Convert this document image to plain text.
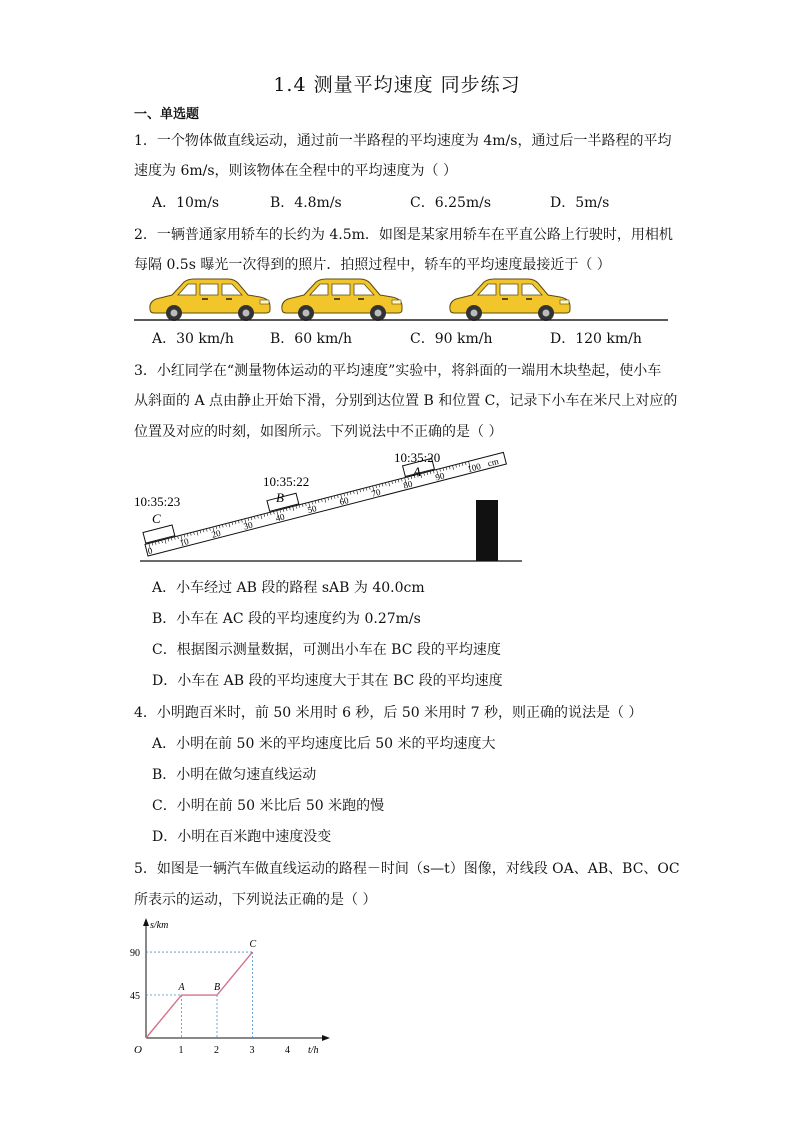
1.4 测量平均速度 同步练习
一、单选题
1．一个物体做直线运动，通过前一半路程的平均速度为 4m/s，通过后一半路程的平均
速度为 6m/s，则该物体在全程中的平均速度为（ ）
A．10m/s	B．4.8m/s	C．6.25m/s	D．5m/s
2．一辆普通家用轿车的长约为 4.5m．如图是某家用轿车在平直公路上行驶时，用相机
每隔 0.5s 曝光一次得到的照片．拍照过程中，轿车的平均速度最接近于（ ）
A．30 km/h	B．60 km/h	C．90 km/h	D．120 km/h
3．小红同学在“测量物体运动的平均速度”实验中，将斜面的一端用木块垫起，使小车
从斜面的 A 点由静止开始下滑，分别到达位置 B 和位置 C，记录下小车在米尺上对应的
位置及对应的时刻，如图所示。下列说法中不正确的是（ ）
0
10
20
30
40
50
60
70
80
90
100 cm
10:35:23
C
10:35:22
B
10:35:20
A
A．小车经过 AB 段的路程 sAB 为 40.0cm
B．小车在 AC 段的平均速度约为 0.27m/s
C．根据图示测量数据，可测出小车在 BC 段的平均速度
D．小车在 AB 段的平均速度大于其在 BC 段的平均速度
4．小明跑百米时，前 50 米用时 6 秒，后 50 米用时 7 秒，则正确的说法是（ ）
A．小明在前 50 米的平均速度比后 50 米的平均速度大
B．小明在做匀速直线运动
C．小明在前 50 米比后 50 米跑的慢
D．小明在百米跑中速度没变
5．如图是一辆汽车做直线运动的路程－时间（s—t）图像，对线段 OA、AB、BC、OC
所表示的运动，下列说法正确的是（ ）
s/km
t/h
O	1	2	3	4
45
90
A	B
C
